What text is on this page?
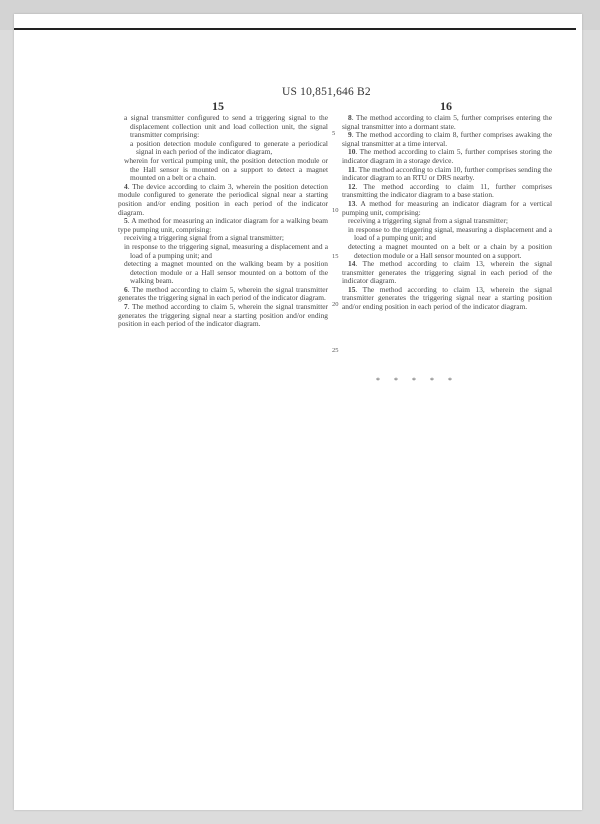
US 10,851,646 B2
15	16

a signal transmitter configured to send a triggering signal to the displacement collection unit and load collection unit, the signal transmitter comprising:

a position detection module configured to generate a periodical signal in each period of the indicator diagram,

wherein for vertical pumping unit, the position detection module or the Hall sensor is mounted on a support to detect a magnet mounted on a belt or a chain.

4. The device according to claim 3, wherein the position detection module configured to generate the periodical signal near a starting position and/or ending position in each period of the indicator diagram.

5. A method for measuring an indicator diagram for a walking beam type pumping unit, comprising:

receiving a triggering signal from a signal transmitter;

in response to the triggering signal, measuring a displacement and a load of a pumping unit; and

detecting a magnet mounted on the walking beam by a position detection module or a Hall sensor mounted on a bottom of the walking beam.

6. The method according to claim 5, wherein the signal transmitter generates the triggering signal in each period of the indicator diagram.

7. The method according to claim 5, wherein the signal transmitter generates the triggering signal near a starting position and/or ending position in each period of the indicator diagram.

8. The method according to claim 5, further comprises entering the signal transmitter into a dormant state.

9. The method according to claim 8, further comprises awaking the signal transmitter at a time interval.

10. The method according to claim 5, further comprises storing the indicator diagram in a storage device.

11. The method according to claim 10, further comprises sending the indicator diagram to an RTU or DRS nearby.

12. The method according to claim 11, further comprises transmitting the indicator diagram to a base station.

13. A method for measuring an indicator diagram for a vertical pumping unit, comprising:

receiving a triggering signal from a signal transmitter;

in response to the triggering signal, measuring a displacement and a load of a pumping unit; and

detecting a magnet mounted on a belt or a chain by a position detection module or a Hall sensor mounted on a support.

14. The method according to claim 13, wherein the signal transmitter generates the triggering signal in each period of the indicator diagram.

15. The method according to claim 13, wherein the signal transmitter generates the triggering signal near a starting position and/or ending position in each period of the indicator diagram.

5
10
15
20
25
* * * * *
